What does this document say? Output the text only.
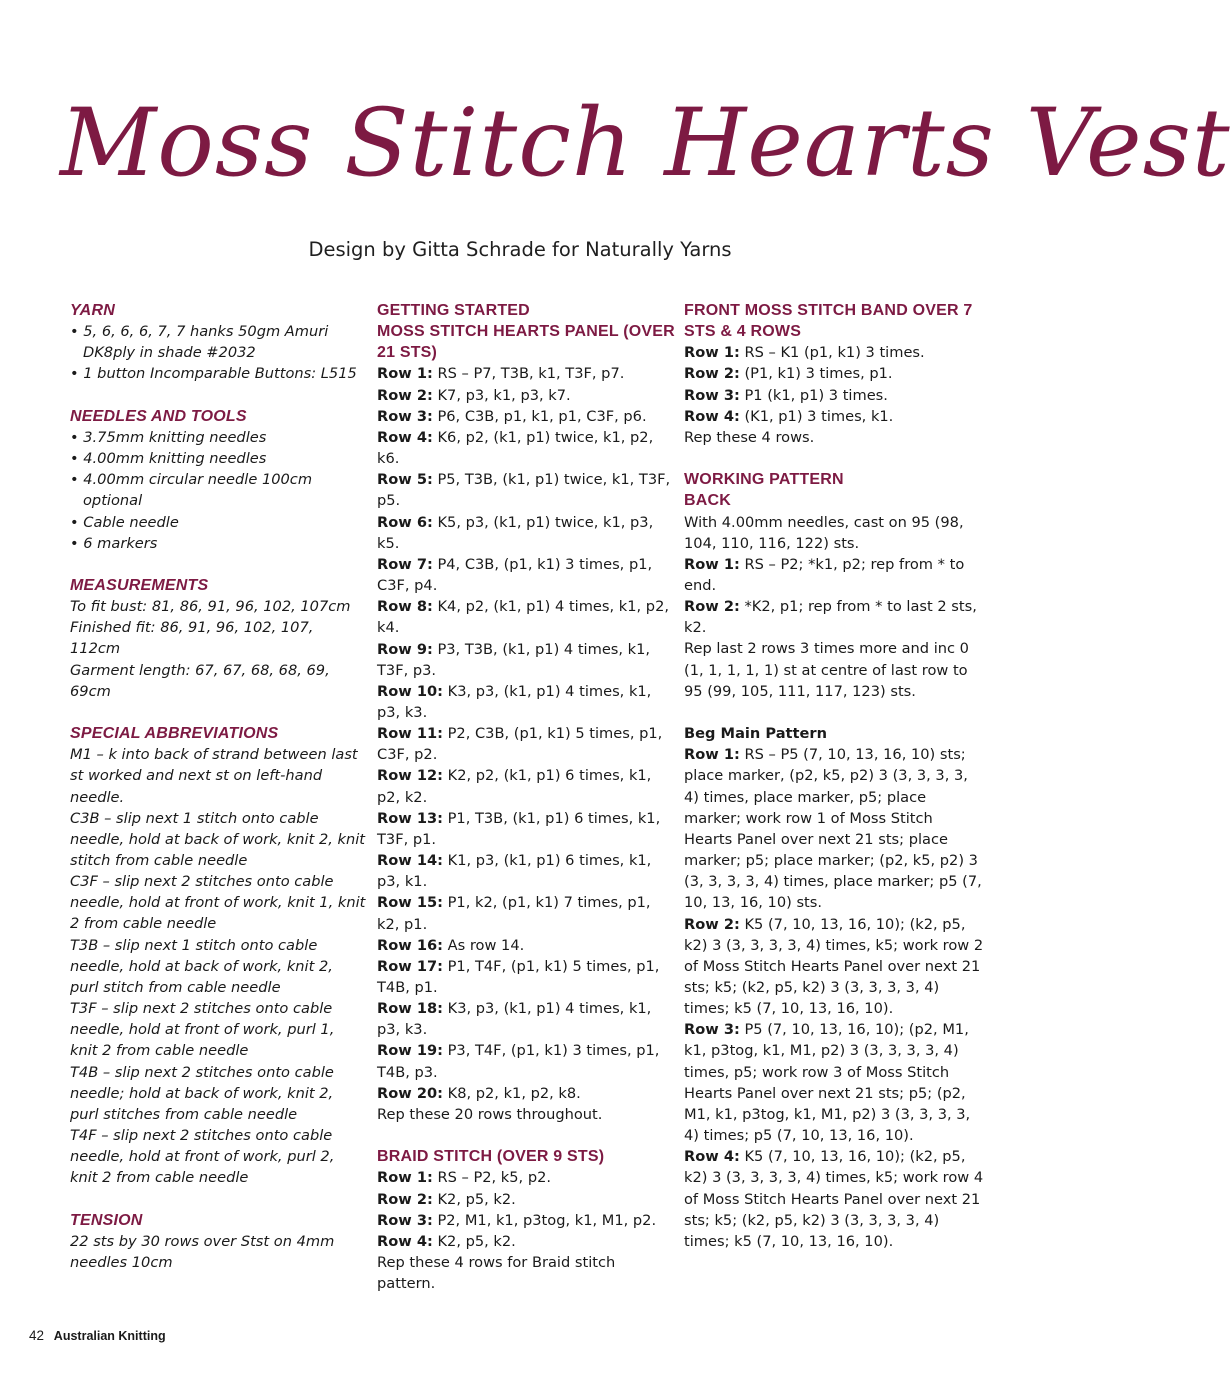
Moss Stitch Hearts Vest
Design by Gitta Schrade for Naturally Yarns
YARN
• 5, 6, 6, 6, 7, 7 hanks 50gm Amuri DK8ply in shade #2032
• 1 button Incomparable Buttons: L515
NEEDLES AND TOOLS
• 3.75mm knitting needles
• 4.00mm knitting needles
• 4.00mm circular needle 100cm optional
• Cable needle
• 6 markers
MEASUREMENTS
To fit bust: 81, 86, 91, 96, 102, 107cm
Finished fit: 86, 91, 96, 102, 107, 112cm
Garment length: 67, 67, 68, 68, 69, 69cm
SPECIAL ABBREVIATIONS
M1 – k into back of strand between last st worked and next st on left-hand needle.
C3B – slip next 1 stitch onto cable needle, hold at back of work, knit 2, knit stitch from cable needle
C3F – slip next 2 stitches onto cable needle, hold at front of work, knit 1, knit 2 from cable needle
T3B – slip next 1 stitch onto cable needle, hold at back of work, knit 2, purl stitch from cable needle
T3F – slip next 2 stitches onto cable needle, hold at front of work, purl 1, knit 2 from cable needle
T4B – slip next 2 stitches onto cable needle; hold at back of work, knit 2, purl stitches from cable needle
T4F – slip next 2 stitches onto cable needle, hold at front of work, purl 2, knit 2 from cable needle
TENSION
22 sts by 30 rows over Stst on 4mm needles 10cm
GETTING STARTED
MOSS STITCH HEARTS PANEL (OVER 21 STS)
Row 1: RS – P7, T3B, k1, T3F, p7.
Row 2: K7, p3, k1, p3, k7.
Row 3: P6, C3B, p1, k1, p1, C3F, p6.
Row 4: K6, p2, (k1, p1) twice, k1, p2, k6.
Row 5: P5, T3B, (k1, p1) twice, k1, T3F, p5.
Row 6: K5, p3, (k1, p1) twice, k1, p3, k5.
Row 7: P4, C3B, (p1, k1) 3 times, p1, C3F, p4.
Row 8: K4, p2, (k1, p1) 4 times, k1, p2, k4.
Row 9: P3, T3B, (k1, p1) 4 times, k1, T3F, p3.
Row 10: K3, p3, (k1, p1) 4 times, k1, p3, k3.
Row 11: P2, C3B, (p1, k1) 5 times, p1, C3F, p2.
Row 12: K2, p2, (k1, p1) 6 times, k1, p2, k2.
Row 13: P1, T3B, (k1, p1) 6 times, k1, T3F, p1.
Row 14: K1, p3, (k1, p1) 6 times, k1, p3, k1.
Row 15: P1, k2, (p1, k1) 7 times, p1, k2, p1.
Row 16: As row 14.
Row 17: P1, T4F, (p1, k1) 5 times, p1, T4B, p1.
Row 18: K3, p3, (k1, p1) 4 times, k1, p3, k3.
Row 19: P3, T4F, (p1, k1) 3 times, p1, T4B, p3.
Row 20: K8, p2, k1, p2, k8.
Rep these 20 rows throughout.
BRAID STITCH (OVER 9 STS)
Row 1: RS – P2, k5, p2.
Row 2: K2, p5, k2.
Row 3: P2, M1, k1, p3tog, k1, M1, p2.
Row 4: K2, p5, k2.
Rep these 4 rows for Braid stitch pattern.
FRONT MOSS STITCH BAND OVER 7 STS & 4 ROWS
Row 1: RS – K1 (p1, k1) 3 times.
Row 2: (P1, k1) 3 times, p1.
Row 3: P1 (k1, p1) 3 times.
Row 4: (K1, p1) 3 times, k1.
Rep these 4 rows.
WORKING PATTERN
BACK
With 4.00mm needles, cast on 95 (98, 104, 110, 116, 122) sts.
Row 1: RS – P2; *k1, p2; rep from * to end.
Row 2: *K2, p1; rep from * to last 2 sts, k2.
Rep last 2 rows 3 times more and inc 0 (1, 1, 1, 1, 1) st at centre of last row to 95 (99, 105, 111, 117, 123) sts.
Beg Main Pattern
Row 1: RS – P5 (7, 10, 13, 16, 10) sts; place marker, (p2, k5, p2) 3 (3, 3, 3, 3, 4) times, place marker, p5; place marker; work row 1 of Moss Stitch Hearts Panel over next 21 sts; place marker; p5; place marker; (p2, k5, p2) 3 (3, 3, 3, 3, 4) times, place marker; p5 (7, 10, 13, 16, 10) sts.
Row 2: K5 (7, 10, 13, 16, 10); (k2, p5, k2) 3 (3, 3, 3, 3, 4) times, k5; work row 2 of Moss Stitch Hearts Panel over next 21 sts; k5; (k2, p5, k2) 3 (3, 3, 3, 3, 4) times; k5 (7, 10, 13, 16, 10).
Row 3: P5 (7, 10, 13, 16, 10); (p2, M1, k1, p3tog, k1, M1, p2) 3 (3, 3, 3, 3, 4) times, p5; work row 3 of Moss Stitch Hearts Panel over next 21 sts; p5; (p2, M1, k1, p3tog, k1, M1, p2) 3 (3, 3, 3, 3, 4) times; p5 (7, 10, 13, 16, 10).
Row 4: K5 (7, 10, 13, 16, 10); (k2, p5, k2) 3 (3, 3, 3, 3, 4) times, k5; work row 4 of Moss Stitch Hearts Panel over next 21 sts; k5; (k2, p5, k2) 3 (3, 3, 3, 3, 4) times; k5 (7, 10, 13, 16, 10).
42 Australian Knitting
